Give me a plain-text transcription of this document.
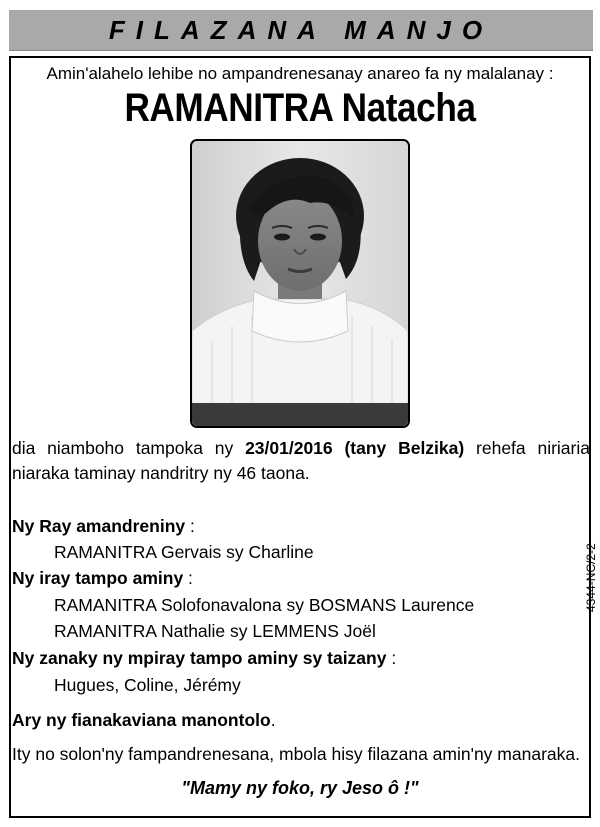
FILAZANA MANJO
Amin'alahelo lehibe no ampandrenesanay anareo fa ny malalanay :
RAMANITRA Natacha
dia niamboho tampoka ny 23/01/2016 (tany Belzika) rehefa niriaria niaraka taminay nandritry ny 46 taona.
Ny Ray amandreniny :
RAMANITRA Gervais sy Charline
Ny iray tampo aminy :
RAMANITRA Solofonavalona sy BOSMANS Laurence
RAMANITRA Nathalie sy LEMMENS Joël
Ny zanaky ny mpiray tampo aminy sy taizany :
Hugues, Coline, Jérémy
Ary ny fianakaviana manontolo.
Ity no solon'ny fampandrenesana, mbola hisy filazana amin'ny manaraka.
"Mamy ny foko, ry Jeso ô !"
4344-NC/2-2
